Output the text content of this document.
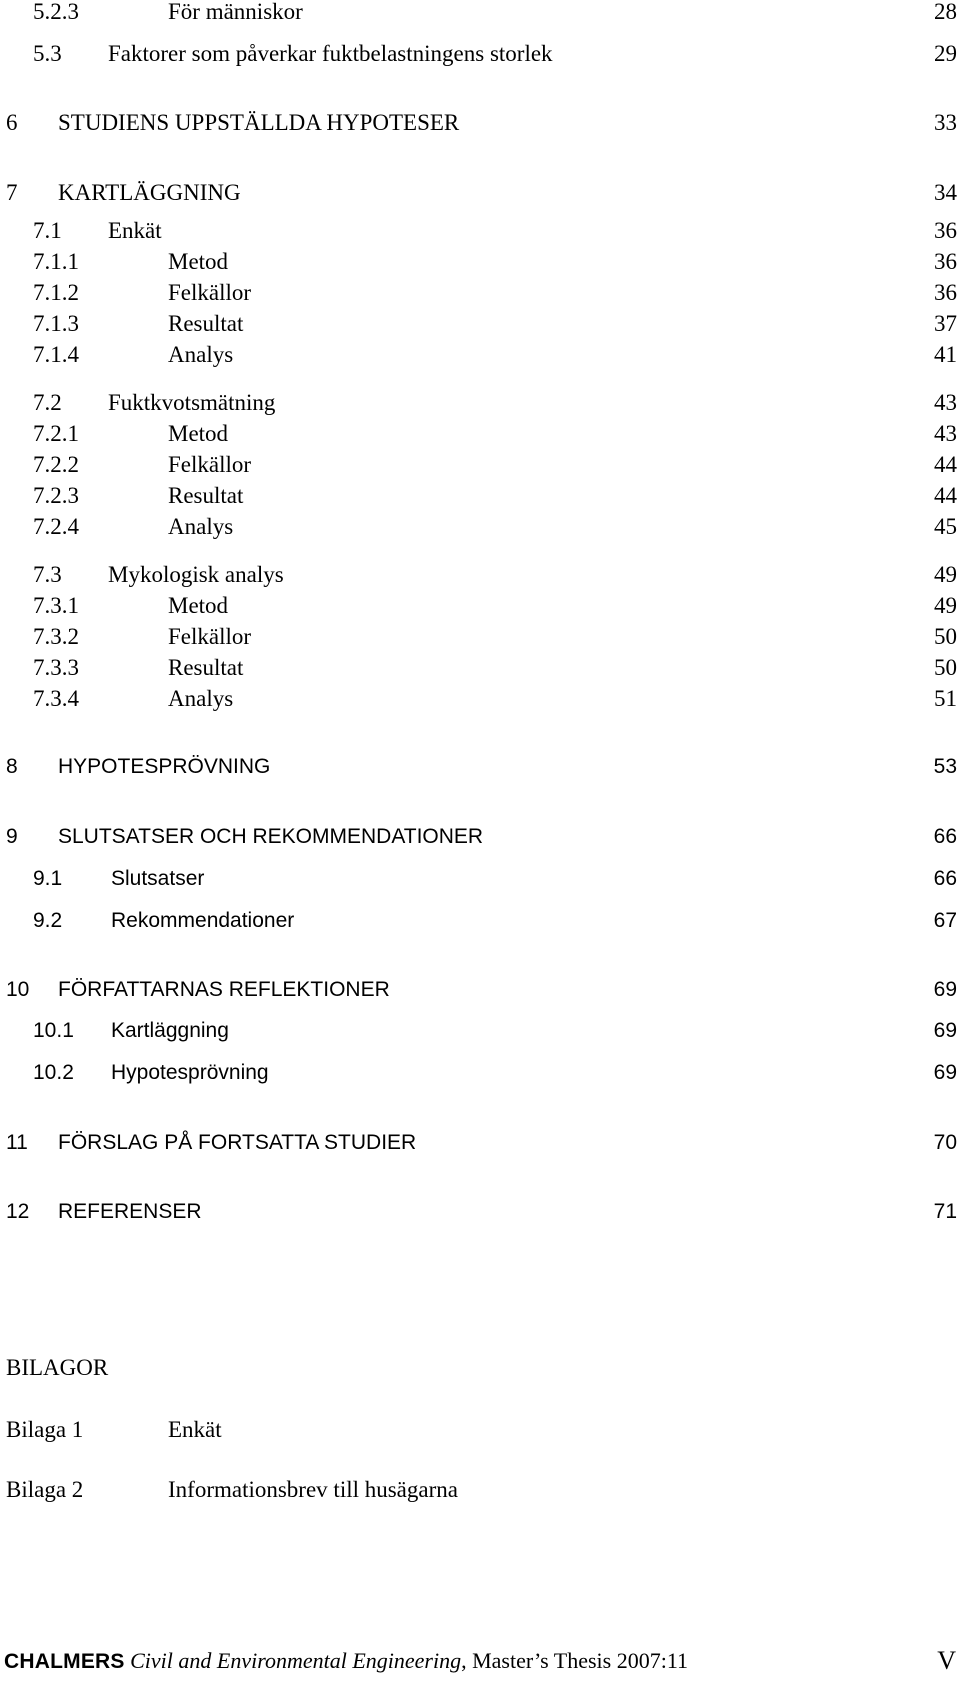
5.2.3	För människor	28
5.3 Faktorer som påverkar fuktbelastningens storlek	29
6 STUDIENS UPPSTÄLLDA HYPOTESER	33
7 KARTLÄGGNING	34
7.1 Enkät	36
7.1.1	Metod	36
7.1.2	Felkällor	36
7.1.3	Resultat	37
7.1.4	Analys	41
7.2 Fuktkvotsmätning	43
7.2.1	Metod	43
7.2.2	Felkällor	44
7.2.3	Resultat	44
7.2.4	Analys	45
7.3 Mykologisk analys	49
7.3.1	Metod	49
7.3.2	Felkällor	50
7.3.3	Resultat	50
7.3.4	Analys	51
8 HYPOTESPRÖVNING	53
9 SLUTSATSER OCH REKOMMENDATIONER	66
9.1 Slutsatser	66
9.2 Rekommendationer	67
10 FÖRFATTARNAS REFLEKTIONER	69
10.1 Kartläggning	69
10.2 Hypotesprövning	69
11 FÖRSLAG PÅ FORTSATTA STUDIER	70
12 REFERENSER	71
BILAGOR
Bilaga 1	Enkät
Bilaga 2	Informationsbrev till husägarna
CHALMERS Civil and Environmental Engineering, Master’s Thesis 2007:11	V
